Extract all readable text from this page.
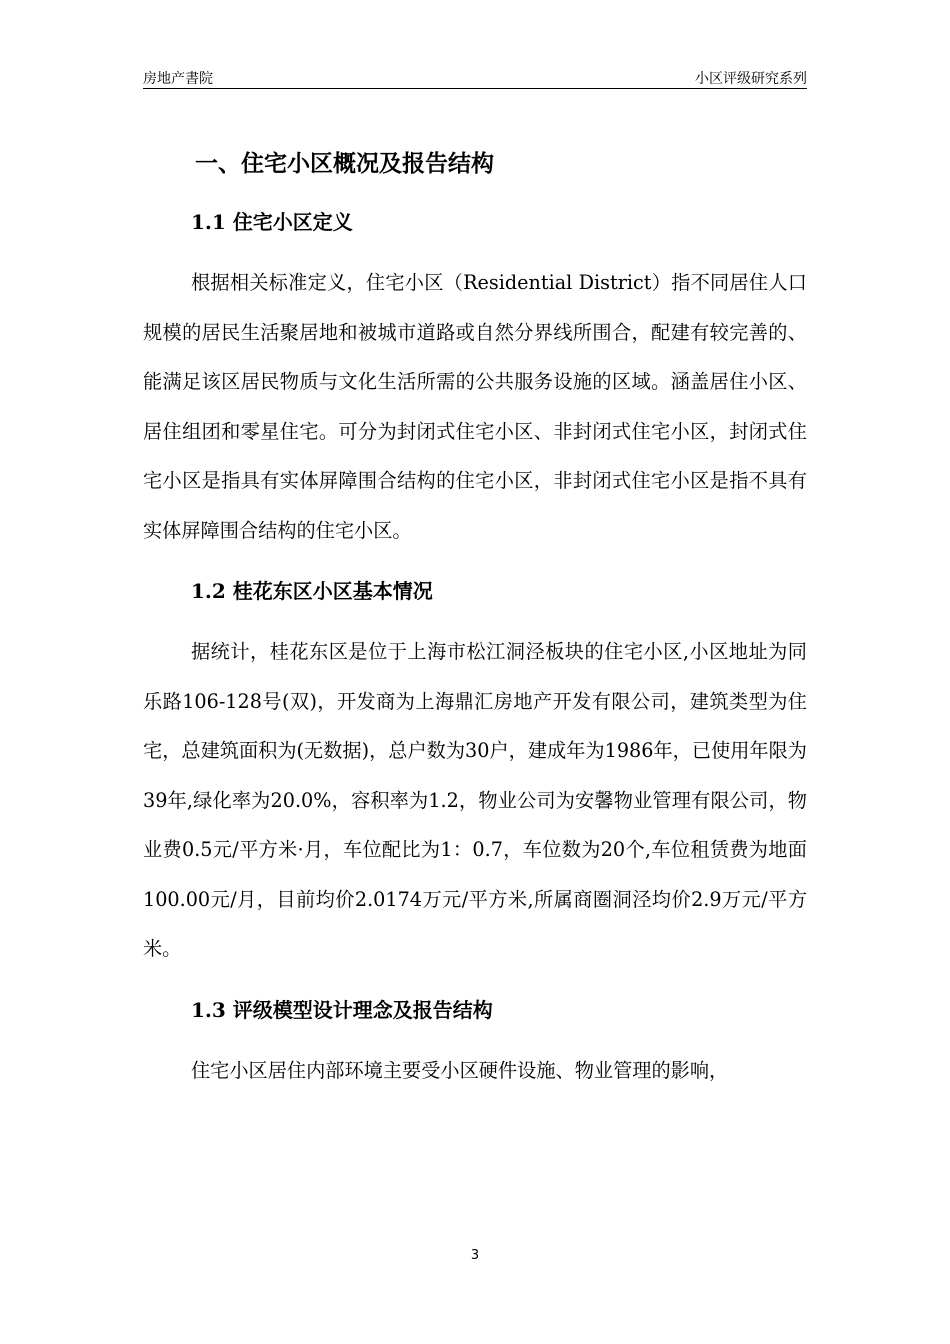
房地产書院	小区评级研究系列
一、住宅小区概况及报告结构
1.1 住宅小区定义

根据相关标准定义，住宅小区（Residential District）指不同居住人口规模的居民生活聚居地和被城市道路或自然分界线所围合，配建有较完善的、能满足该区居民物质与文化生活所需的公共服务设施的区域。涵盖居住小区、居住组团和零星住宅。可分为封闭式住宅小区、非封闭式住宅小区，封闭式住宅小区是指具有实体屏障围合结构的住宅小区，非封闭式住宅小区是指不具有实体屏障围合结构的住宅小区。

1.2 桂花东区小区基本情况

据统计，桂花东区是位于上海市松江洞泾板块的住宅小区,小区地址为同乐路106-128号(双)，开发商为上海鼎汇房地产开发有限公司，建筑类型为住宅，总建筑面积为(无数据)，总户数为30户，建成年为1986年，已使用年限为39年,绿化率为20.0%，容积率为1.2，物业公司为安馨物业管理有限公司，物业费0.5元/平方米·月，车位配比为1：0.7，车位数为20个,车位租赁费为地面100.00元/月，目前均价2.0174万元/平方米,所属商圈洞泾均价2.9万元/平方米。

1.3 评级模型设计理念及报告结构

住宅小区居住内部环境主要受小区硬件设施、物业管理的影响，

3
